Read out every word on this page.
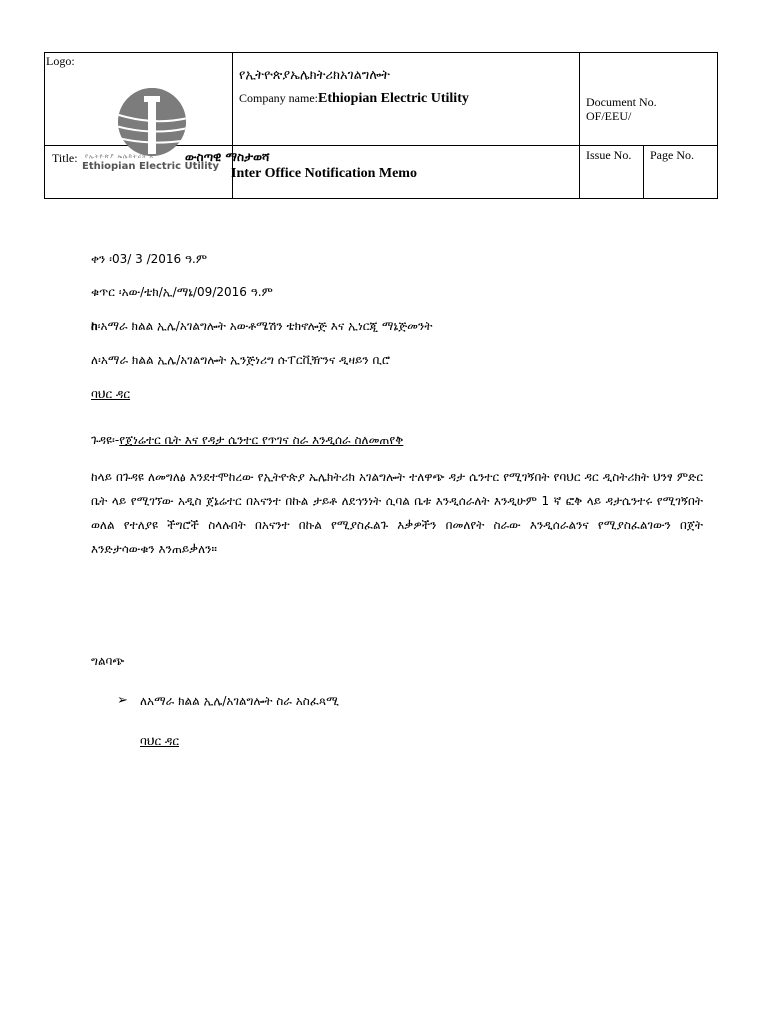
Logo:
የኢትዮጵያኤሌክትሪክአገልግሎት
Company name:Ethiopian Electric Utility	Document No.
OF/EEU/
Title: የኢትዮጵያ ኤሌክትሪክ አ
Ethiopian Electric Utility
ውስጣዊ ማስታወሻ
Inter Office Notification Memo
Issue No. Page No.
ቀን ፡03/ 3 /2016 ዓ.ም
ቁጥር ፡አው/ቴክ/ኢ/ማኔ/09/2016 ዓ.ም
ከ፡አማራ ክልል ኢሌ/አገልግሎት አውቶሜሽን ቴክኖሎጅ እና ኢነርጂ ማኔጅመንት
ለ፡አማራ ክልል ኢሌ/አገልግሎት ኢንጅነሪግ ሱፐርቪዥንና ዲዛይን ቢሮ
ባህር ዳር
ጉዳዩ፡-የጀነሬተር ቤት እና የዳታ ሴንተር የጥገና ስራ እንዲሰራ ስለመጠየቅ
ከላይ በጉዳዩ ለመግለፅ እንደተሞከረው የኢትዮጵያ ኤሌክትሪክ አገልግሎት ተለዋጭ ዳታ ሴንተር የሚገኝበት የባህር ዳር ዲስትሪክት ህንፃ ምድር ቤት ላይ የሚገኘው አዲስ ጀኔሬተር በአናንተ በኩል ታይቶ ለደኅንነት ሲባል ቤቱ እንዲሰራለት እንዲሁም 1 ኛ ፎቅ ላይ ዳታሴንተሩ የሚገኝበት ወለል የተለያዩ ችግሮች ስላሉበት በአናንተ በኩል የሚያስፈልጉ እቃዎችን በመለየት ስራው እንዲሰራልንና የሚያስፈልገውን በጀት እንድታሳውቁን እንጠይቃለን።
ግልባጭ
➢ ለአማራ ክልል ኢሌ/አገልግሎት ስራ አስፈጻሚ
ባህር ዳር
